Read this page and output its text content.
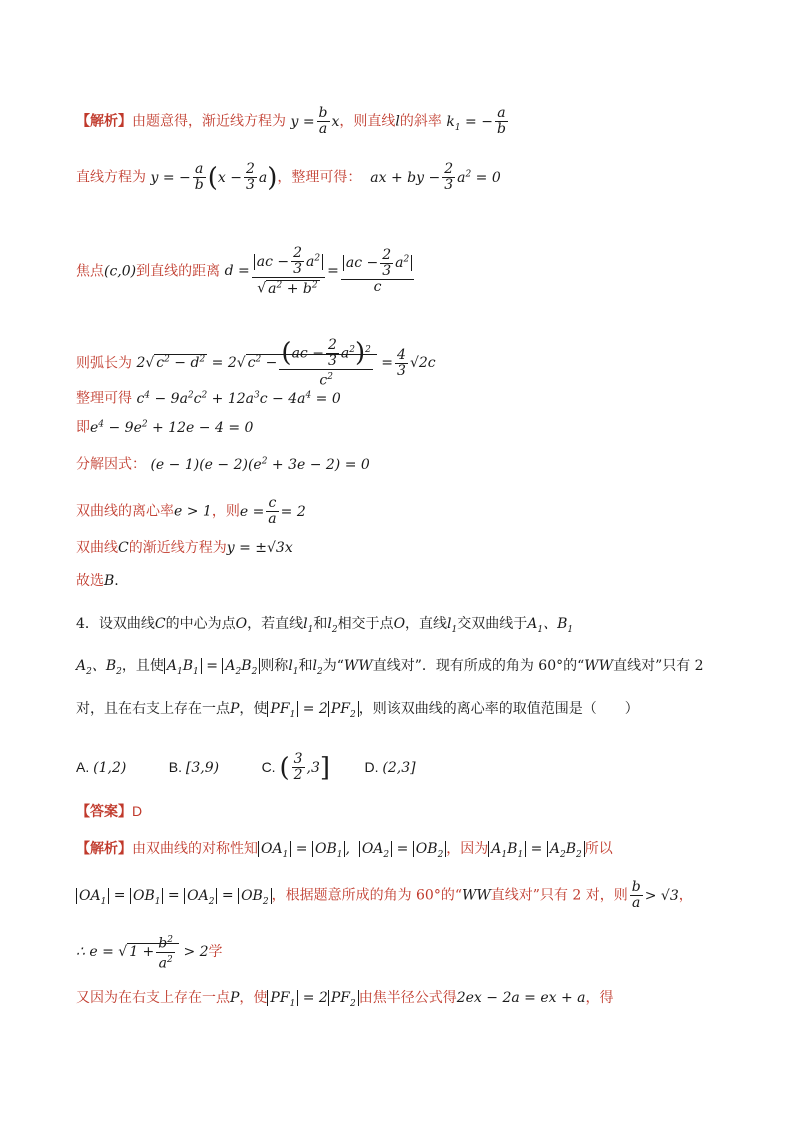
【解析】由题意得，渐近线方程为 $y = \frac{b}{a}$ x，则直线l的斜率 $k_1$ = − $\frac{a}{b}$
直线方程为 y = − $\frac{a}{b} (x - \frac{2}{3} a)$，整理可得：  ax + by − $\frac{2}{3} a^2 = 0$
焦点(c,0)到直线的距离 $d = \frac{ac - \frac{2}{3} a^2}{√ a^2 + b^2} = \frac{ac - \frac{2}{3} a^2}{c}$
则弧长为 2√ $c^2 - d^2 = 2√$ $c^2 - \frac{(ac - \frac{2}{3} a^2)^2}{c^2} = \frac{4}{3} √2c$
整理可得 $c^4 - 9a^2c^2 + 12a^3c - 4a^4 = 0$
即$e^4 - 9e^2 + 12e - 4 = 0$
分解因式： $(e - 1)(e - 2)(e^2 + 3e - 2) = 0$
双曲线的离心率e > 1，则$e = \frac{c}{a} = 2$
双曲线C的渐近线方程为y = ±√3x
故选B.
4．设双曲线C的中心为点O，若直线$l_1$和$l_2$相交于点O，直线$l_1$交双曲线于$A_1$、$B_1$
$A_2$、$B_2$，且使 $A_1B_1 = A_2B_2$ 则称$l_1$和$l_2$为“WW直线对”．现有所成的角为 60°的“WW直线对”只有 2
对，且在右支上存在一点P，使 $PF_1 = 2$ $PF_2$ ，则该双曲线的离心率的取值范围是（　　）
A. (1,2)	B. [3,9)	C. ( $\frac{3}{2} ,3$] D. (2,3]
【答案】D
【解析】由双曲线的对称性知 $OA_1 = OB_1$ ,  $OA_2 = OB_2$ ，因为 $A_1B_1 = A_2B_2$ 所以
$OA_1 = OB_1 = OA_2 = OB_2$ ，根据题意所成的角为 60°的“WW直线对”只有 2 对，则 $\frac{b}{a} > √3$，
∴ e = √ $1 + \frac{b^2}{a^2} > 2$学
又因为在右支上存在一点P，使 $PF_1 = 2$ $PF_2$ 由焦半径公式得2ex − 2a = ex + a，得
